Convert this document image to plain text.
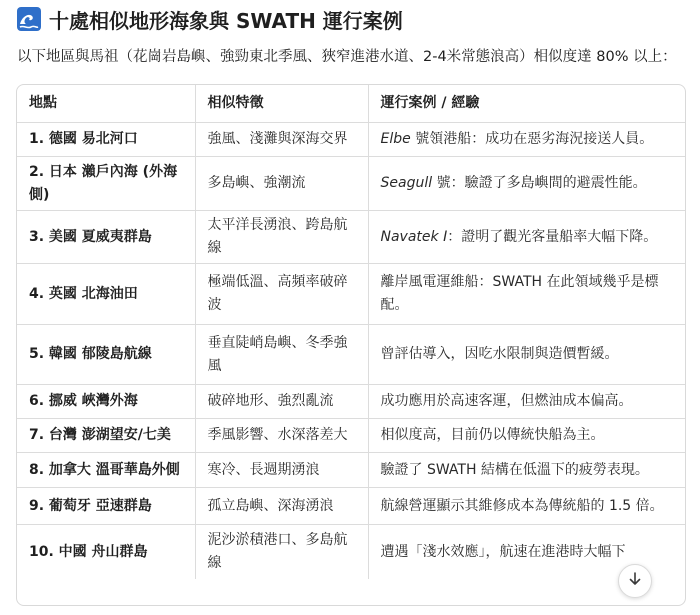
十處相似地形海象與 SWATH 運行案例
以下地區與馬祖（花崗岩島嶼、強勁東北季風、狹窄進港水道、2-4米常態浪高）相似度達 80% 以上：
地點	相似特徵	運行案例 / 經驗
1. 德國 易北河口	強風、淺灘與深海交界	Elbe 號領港船：成功在惡劣海況接送人員。
2. 日本 瀨戶內海 (外海側)	多島嶼、強潮流	Seagull 號：驗證了多島嶼間的避震性能。
3. 美國 夏威夷群島	太平洋長湧浪、跨島航線	Navatek I：證明了觀光客量船率大幅下降。
4. 英國 北海油田	極端低溫、高頻率破碎波	離岸風電運維船：SWATH 在此領域幾乎是標配。
5. 韓國 郁陵島航線	垂直陡峭島嶼、冬季強風	曾評估導入，因吃水限制與造價暫緩。
6. 挪威 峽灣外海	破碎地形、強烈亂流	成功應用於高速客運，但燃油成本偏高。
7. 台灣 澎湖望安/七美	季風影響、水深落差大	相似度高，目前仍以傳統快船為主。
8. 加拿大 溫哥華島外側	寒冷、長週期湧浪	驗證了 SWATH 結構在低溫下的疲勞表現。
9. 葡萄牙 亞速群島	孤立島嶼、深海湧浪	航線營運顯示其維修成本為傳統船的 1.5 倍。
10. 中國 舟山群島	泥沙淤積港口、多島航線	遭遇「淺水效應」，航速在進港時大幅下
